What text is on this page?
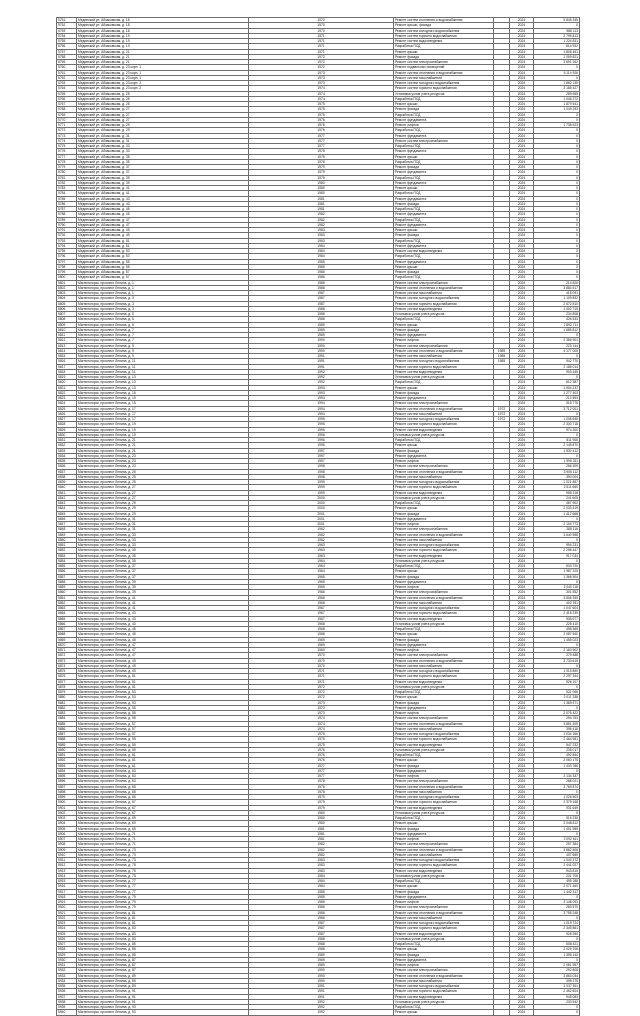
5751	Мединский ул. Абзаковская, д. 18	1970	Ремонт систем отопления и водоснабжения		2024	5 845 345
5752	Мединский ул. Абзаковская, д. 18	1970	Ремонт крыши, фасада		2024	0
5753	Мединский ул. Абзаковская, д. 18	1970	Ремонт систем холодного водоснабжения		2024	988 113
5754	Мединский ул. Абзаковская, д. 19	1971	Ремонт систем горячего водоснабжения		2024	2 795 813
5755	Мединский ул. Абзаковская, д. 19	1971	Ремонт систем водоотведения		2024	1 224 831
5756	Мединский ул. Абзаковская, д. 19	1971	Разработка ПСД		2024	814 932
5757	Мединский ул. Абзаковская, д. 21	1971	Ремонт крыши		2024	1 805 461
5758	Мединский ул. Абзаковская, д. 21	1972	Ремонт фасада		2024	1 059 821
5759	Мединский ул. Абзаковская, д. 21	1972	Ремонт систем электроснабжения		2024	3 691 162
5760	Мединский ул. Абзаковская, д. 23 корп. 1	1972	Ремонт подвальных помещений		2024	0
5761	Мединский ул. Абзаковская, д. 23 корп. 1	1973	Ремонт систем отопления и водоснабжения		2024	5 114 926
5762	Мединский ул. Абзаковская, д. 23 корп. 1	1973	Ремонт систем газоснабжения		2024	0
5763	Мединский ул. Абзаковская, д. 23 корп. 2	1973	Ремонт систем холодного водоснабжения		2024	1 862 139
5764	Мединский ул. Абзаковская, д. 23 корп. 2	1974	Ремонт систем горячего водоснабжения		2024	3 185 427
5765	Мединский ул. Абзаковская, д. 25	1974	Установка узлов учета ресурсов		2024	289 655
5766	Мединский ул. Абзаковская, д. 25	1974	Разработка ПСД		2024	1 046 272
5767	Мединский ул. Абзаковская, д. 25	1975	Ремонт крыши		2024	1 879 541
5768	Мединский ул. Абзаковская, д. 27	1975	Ремонт фасада		2024	1 049 253
5769	Мединский ул. Абзаковская, д. 27	1975	Разработка ПСД		2024	0
5770	Мединский ул. Абзаковская, д. 27	1976	Ремонт фундамента		2024	0
5771	Мединский ул. Абзаковская, д. 29	1976	Ремонт лифтов		2024	1 738 523
5772	Мединский ул. Абзаковская, д. 29	1976	Разработка ПСД		2024	0
5773	Мединский ул. Абзаковская, д. 31	1977	Ремонт фундамента		2024	0
5774	Мединский ул. Абзаковская, д. 31	1977	Ремонт систем электроснабжения		2024	0
5775	Мединский ул. Абзаковская, д. 33	1977	Разработка ПСД		2024	0
5776	Мединский ул. Абзаковская, д. 33	1978	Ремонт фундамента		2024	0
5777	Мединский ул. Абзаковская, д. 35	1978	Ремонт крыши		2024	0
5778	Мединский ул. Абзаковская, д. 35	1978	Разработка ПСД		2024	0
5779	Мединский ул. Абзаковская, д. 37	1979	Ремонт фасада		2024	0
5780	Мединский ул. Абзаковская, д. 37	1979	Ремонт фундамента		2024	0
5781	Мединский ул. Абзаковская, д. 39	1979	Разработка ПСД		2024	0
5782	Мединский ул. Абзаковская, д. 39	1980	Ремонт фундамента		2024	0
5783	Мединский ул. Абзаковская, д. 41	1980	Ремонт крыши		2024	0
5784	Мединский ул. Абзаковская, д. 41	1980	Разработка ПСД		2024	0
5785	Мединский ул. Абзаковская, д. 43	1981	Ремонт фундамента		2024	0
5786	Мединский ул. Абзаковская, д. 43	1981	Ремонт фасада		2024	0
5787	Мединский ул. Абзаковская, д. 45	1981	Разработка ПСД		2024	0
5788	Мединский ул. Абзаковская, д. 45	1982	Ремонт фундамента		2024	0
5789	Мединский ул. Абзаковская, д. 47	1982	Разработка ПСД		2024	0
5790	Мединский ул. Абзаковская, д. 47	1982	Ремонт фундамента		2024	0
5791	Мединский ул. Абзаковская, д. 49	1983	Ремонт крыши		2024	0
5792	Мединский ул. Абзаковская, д. 49	1983	Ремонт фасада		2024	0
5793	Мединский ул. Абзаковская, д. 51	1983	Разработка ПСД		2024	0
5794	Мединский ул. Абзаковская, д. 51	1984	Ремонт фундамента		2024	0
5795	Мединский ул. Абзаковская, д. 53	1984	Ремонт систем водоотведения		2024	0
5796	Мединский ул. Абзаковская, д. 53	1984	Разработка ПСД		2024	0
5797	Мединский ул. Абзаковская, д. 55	1985	Ремонт фундамента		2024	0
5798	Мединский ул. Абзаковская, д. 55	1985	Ремонт крыши		2024	0
5799	Мединский ул. Абзаковская, д. 57	1985	Ремонт фасада		2024	0
5800	Мединский ул. Абзаковская, д. 57	1986	Разработка ПСД		2024	0
5801	Магнитогорск, проспект Ленина, д. 1	1986	Ремонт систем электроснабжения		2024	214 826
5802	Магнитогорск, проспект Ленина, д. 1	1986	Ремонт систем отопления и водоснабжения		2024	3 884 517
5803	Магнитогорск, проспект Ленина, д. 1	1987	Ремонт систем газоснабжения		2024	415 091
5804	Магнитогорск, проспект Ленина, д. 3	1987	Ремонт систем холодного водоснабжения		2024	1 109 832
5805	Магнитогорск, проспект Ленина, д. 3	1987	Ремонт систем горячего водоснабжения		2024	2 672 810
5806	Магнитогорск, проспект Ленина, д. 3	1988	Ремонт систем водоотведения		2024	1 002 715
5807	Магнитогорск, проспект Ленина, д. 5	1988	Установка узлов учета ресурсов		2024	234 808
5808	Магнитогорск, проспект Ленина, д. 5	1988	Разработка ПСД		2024	426 533
5809	Магнитогорск, проспект Ленина, д. 5	1989	Ремонт крыши		2024	2 892 711
5810	Магнитогорск, проспект Ленина, д. 7	1989	Ремонт фасада		2024	1 685 812
5811	Магнитогорск, проспект Ленина, д. 7	1989	Ремонт фундамента		2024	0
5812	Магнитогорск, проспект Ленина, д. 7	1990	Ремонт лифтов		2024	2 386 901
5813	Магнитогорск, проспект Ленина, д. 9	1990	Ремонт систем электроснабжения		2024	223 144
5814	Магнитогорск, проспект Ленина, д. 9	1990	Ремонт систем отопления и водоснабжения	1985	2024	4 177 005
5815	Магнитогорск, проспект Ленина, д. 9	1991	Ремонт систем газоснабжения	1985	2024	0
5816	Магнитогорск, проспект Ленина, д. 11	1991	Ремонт систем холодного водоснабжения	1985	2024	942 770
5817	Магнитогорск, проспект Ленина, д. 11	1991	Ремонт систем горячего водоснабжения		2024	2 185 014
5818	Магнитогорск, проспект Ленина, д. 11	1992	Ремонт систем водоотведения		2024	903 445
5819	Магнитогорск, проспект Ленина, д. 13	1992	Установка узлов учета ресурсов		2024	0
5820	Магнитогорск, проспект Ленина, д. 13	1992	Разработка ПСД		2024	612 387
5821	Магнитогорск, проспект Ленина, д. 13	1993	Ремонт крыши		2024	1 904 237
5822	Магнитогорск, проспект Ленина, д. 15	1993	Ремонт фасада		2024	1 277 403
5823	Магнитогорск, проспект Ленина, д. 15	1993	Ремонт фундамента		2024	214 593
5824	Магнитогорск, проспект Ленина, д. 15	1994	Ремонт систем электроснабжения		2024	318 776
5825	Магнитогорск, проспект Ленина, д. 17	1994	Ремонт систем отопления и водоснабжения	1972	2024	3 712 001
5826	Магнитогорск, проспект Ленина, д. 17	1994	Ремонт систем газоснабжения	1972	2024	0
5827	Магнитогорск, проспект Ленина, д. 17	1995	Ремонт систем холодного водоснабжения	1972	2024	1 008 645
5828	Магнитогорск, проспект Ленина, д. 19	1995	Ремонт систем горячего водоснабжения		2024	2 330 718
5829	Магнитогорск, проспект Ленина, д. 19	1995	Ремонт систем водоотведения		2024	974 200
5830	Магнитогорск, проспект Ленина, д. 19	1996	Установка узлов учета ресурсов		2024	0
5831	Магнитогорск, проспект Ленина, д. 21	1996	Разработка ПСД		2024	511 906
5832	Магнитогорск, проспект Ленина, д. 21	1996	Ремонт крыши		2024	2 145 870
5833	Магнитогорск, проспект Ленина, д. 21	1997	Ремонт фасада		2024	1 530 412
5834	Магнитогорск, проспект Ленина, д. 23	1997	Ремонт фундамента		2024	0
5835	Магнитогорск, проспект Ленина, д. 23	1997	Ремонт лифтов		2024	1 995 311
5836	Магнитогорск, проспект Ленина, д. 23	1998	Ремонт систем электроснабжения		2024	266 309
5837	Магнитогорск, проспект Ленина, д. 25	1998	Ремонт систем отопления и водоснабжения		2024	3 905 112
5838	Магнитогорск, проспект Ленина, д. 25	1998	Ремонт систем газоснабжения		2024	390 004
5839	Магнитогорск, проспект Ленина, д. 25	1999	Ремонт систем холодного водоснабжения		2024	1 021 857
5840	Магнитогорск, проспект Ленина, д. 27	1999	Ремонт систем горячего водоснабжения		2024	2 511 660
5841	Магнитогорск, проспект Ленина, д. 27	1999	Ремонт систем водоотведения		2024	955 318
5842	Магнитогорск, проспект Ленина, д. 27	2000	Установка узлов учета ресурсов		2024	241 605
5843	Магнитогорск, проспект Ленина, д. 29	2000	Разработка ПСД		2024	487 902
5844	Магнитогорск, проспект Ленина, д. 29	2000	Ремонт крыши		2024	2 033 419
5845	Магнитогорск, проспект Ленина, д. 29	2001	Ремонт фасада		2024	1 412 668
5846	Магнитогорск, проспект Ленина, д. 31	2001	Ремонт фундамента		2024	0
5847	Магнитогорск, проспект Ленина, д. 31	2001	Ремонт лифтов		2024	2 104 773
5848	Магнитогорск, проспект Ленина, д. 31	1962	Ремонт систем электроснабжения		2024	285 116
5849	Магнитогорск, проспект Ленина, д. 33	1962	Ремонт систем отопления и водоснабжения		2024	3 640 958
5850	Магнитогорск, проспект Ленина, д. 33	1962	Ремонт систем газоснабжения		2024	0
5851	Магнитогорск, проспект Ленина, д. 33	1963	Ремонт систем холодного водоснабжения		2024	994 231
5852	Магнитогорск, проспект Ленина, д. 35	1963	Ремонт систем горячего водоснабжения		2024	2 256 447
5853	Магнитогорск, проспект Ленина, д. 35	1963	Ремонт систем водоотведения		2024	917 034
5854	Магнитогорск, проспект Ленина, д. 35	1964	Установка узлов учета ресурсов		2024	0
5855	Магнитогорск, проспект Ленина, д. 37	1964	Разработка ПСД		2024	533 720
5856	Магнитогорск, проспект Ленина, д. 37	1964	Ремонт крыши		2024	1 987 225
5857	Магнитогорск, проспект Ленина, д. 37	1965	Ремонт фасада		2024	1 366 904
5858	Магнитогорск, проспект Ленина, д. 39	1965	Ремонт фундамента		2024	0
5859	Магнитогорск, проспект Ленина, д. 39	1965	Ремонт лифтов		2024	2 040 118
5860	Магнитогорск, проспект Ленина, д. 39	1966	Ремонт систем электроснабжения		2024	301 552
5861	Магнитогорск, проспект Ленина, д. 41	1966	Ремонт систем отопления и водоснабжения		2024	3 806 390
5862	Магнитогорск, проспект Ленина, д. 41	1966	Ремонт систем газоснабжения		2024	402 781
5863	Магнитогорск, проспект Ленина, д. 41	1967	Ремонт систем холодного водоснабжения		2024	1 047 604
5864	Магнитогорск, проспект Ленина, д. 43	1967	Ремонт систем горячего водоснабжения		2024	2 418 239
5865	Магнитогорск, проспект Ленина, д. 43	1967	Ремонт систем водоотведения		2024	938 677
5866	Магнитогорск, проспект Ленина, д. 43	1968	Установка узлов учета ресурсов		2024	228 410
5867	Магнитогорск, проспект Ленина, д. 45	1968	Разработка ПСД		2024	498 365
5868	Магнитогорск, проспект Ленина, д. 45	1968	Ремонт крыши		2024	2 087 540
5869	Магнитогорск, проспект Ленина, д. 45	1969	Ремонт фасада		2024	1 455 023
5870	Магнитогорск, проспект Ленина, д. 47	1969	Ремонт фундамента		2024	0
5871	Магнитогорск, проспект Ленина, д. 47	1969	Ремонт лифтов		2024	2 163 902
5872	Магнитогорск, проспект Ленина, д. 47	1970	Ремонт систем электроснабжения		2024	279 488
5873	Магнитогорск, проспект Ленина, д. 49	1970	Ремонт систем отопления и водоснабжения		2024	3 733 615
5874	Магнитогорск, проспект Ленина, д. 49	1970	Ремонт систем газоснабжения		2024	0
5875	Магнитогорск, проспект Ленина, д. 49	1971	Ремонт систем холодного водоснабжения		2024	1 015 890
5876	Магнитогорск, проспект Ленина, д. 51	1971	Ремонт систем горячего водоснабжения		2024	2 297 344
5877	Магнитогорск, проспект Ленина, д. 51	1971	Ремонт систем водоотведения		2024	926 107
5878	Магнитогорск, проспект Ленина, д. 51	1972	Установка узлов учета ресурсов		2024	0
5879	Магнитогорск, проспект Ленина, д. 53	1972	Разработка ПСД		2024	521 066
5880	Магнитогорск, проспект Ленина, д. 53	1972	Ремонт крыши		2024	2 011 338
5881	Магнитогорск, проспект Ленина, д. 53	1973	Ремонт фасада		2024	1 389 571
5882	Магнитогорск, проспект Ленина, д. 55	1973	Ремонт фундамента		2024	0
5883	Магнитогорск, проспект Ленина, д. 55	1973	Ремонт лифтов		2024	2 076 422
5884	Магнитогорск, проспект Ленина, д. 55	1974	Ремонт систем электроснабжения		2024	294 753
5885	Магнитогорск, проспект Ленина, д. 57	1974	Ремонт систем отопления и водоснабжения		2024	3 851 209
5886	Магнитогорск, проспект Ленина, д. 57	1974	Ремонт систем газоснабжения		2024	396 418
5887	Магнитогорск, проспект Ленина, д. 57	1975	Ремонт систем холодного водоснабжения		2024	1 034 166
5888	Магнитогорск, проспект Ленина, д. 59	1975	Ремонт систем горячего водоснабжения		2024	2 464 981
5889	Магнитогорск, проспект Ленина, д. 59	1975	Ремонт систем водоотведения		2024	947 232
5890	Магнитогорск, проспект Ленина, д. 59	1976	Установка узлов учета ресурсов		2024	235 017
5891	Магнитогорск, проспект Ленина, д. 61	1976	Разработка ПСД		2024	492 844
5892	Магнитогорск, проспект Ленина, д. 61	1976	Ремонт крыши		2024	2 060 175
5893	Магнитогорск, проспект Ленина, д. 61	1977	Ремонт фасада		2024	1 433 786
5894	Магнитогорск, проспект Ленина, д. 63	1977	Ремонт фундамента		2024	0
5895	Магнитогорск, проспект Ленина, д. 63	1977	Ремонт лифтов		2024	2 134 337
5896	Магнитогорск, проспект Ленина, д. 63	1978	Ремонт систем электроснабжения		2024	288 021
5897	Магнитогорск, проспект Ленина, д. 65	1978	Ремонт систем отопления и водоснабжения		2024	3 769 874
5898	Магнитогорск, проспект Ленина, д. 65	1978	Ремонт систем газоснабжения		2024	0
5899	Магнитогорск, проспект Ленина, д. 65	1979	Ремонт систем холодного водоснабжения		2024	1 026 503
5900	Магнитогорск, проспект Ленина, д. 67	1979	Ремонт систем горячего водоснабжения		2024	2 379 168
5901	Магнитогорск, проспект Ленина, д. 67	1979	Ремонт систем водоотведения		2024	931 649
5902	Магнитогорск, проспект Ленина, д. 67	1980	Установка узлов учета ресурсов		2024	0
5903	Магнитогорск, проспект Ленина, д. 69	1980	Разработка ПСД		2024	515 230
5904	Магнитогорск, проспект Ленина, д. 69	1980	Ремонт крыши		2024	2 048 812
5905	Магнитогорск, проспект Ленина, д. 69	1981	Ремонт фасада		2024	1 401 955
5906	Магнитогорск, проспект Ленина, д. 71	1981	Ремонт фундамента		2024	0
5907	Магнитогорск, проспект Ленина, д. 71	1981	Ремонт лифтов		2024	2 092 611
5908	Магнитогорск, проспект Ленина, д. 71	1982	Ремонт систем электроснабжения		2024	297 384
5909	Магнитогорск, проспект Ленина, д. 73	1982	Ремонт систем отопления и водоснабжения		2024	3 882 506
5910	Магнитогорск, проспект Ленина, д. 73	1982	Ремонт систем газоснабжения		2024	407 659
5911	Магнитогорск, проспект Ленина, д. 73	1983	Ремонт систем холодного водоснабжения		2024	1 040 372
5912	Магнитогорск, проспект Ленина, д. 75	1983	Ремонт систем горячего водоснабжения		2024	2 441 027
5913	Магнитогорск, проспект Ленина, д. 75	1983	Ремонт систем водоотведения		2024	943 815
5914	Магнитогорск, проспект Ленина, д. 75	1984	Установка узлов учета ресурсов		2024	231 706
5915	Магнитогорск, проспект Ленина, д. 77	1984	Разработка ПСД		2024	495 188
5916	Магнитогорск, проспект Ленина, д. 77	1984	Ремонт крыши		2024	2 071 460
5917	Магнитогорск, проспект Ленина, д. 77	1985	Ремонт фасада		2024	1 442 317
5918	Магнитогорск, проспект Ленина, д. 79	1985	Ремонт фундамента		2024	0
5919	Магнитогорск, проспект Ленина, д. 79	1985	Ремонт лифтов		2024	2 148 093
5920	Магнитогорск, проспект Ленина, д. 79	1986	Ремонт систем электроснабжения		2024	283 570
5921	Магнитогорск, проспект Ленина, д. 81	1986	Ремонт систем отопления и водоснабжения		2024	3 755 248
5922	Магнитогорск, проспект Ленина, д. 81	1986	Ремонт систем газоснабжения		2024	0
5923	Магнитогорск, проспект Ленина, д. 81	1987	Ремонт систем холодного водоснабжения		2024	1 019 724
5924	Магнитогорск, проспект Ленина, д. 83	1987	Ремонт систем горячего водоснабжения		2024	2 345 861
5925	Магнитогорск, проспект Ленина, д. 83	1987	Ремонт систем водоотведения		2024	928 390
5926	Магнитогорск, проспект Ленина, д. 83	1988	Установка узлов учета ресурсов		2024	0
5927	Магнитогорск, проспект Ленина, д. 85	1988	Разработка ПСД		2024	508 421
5928	Магнитогорск, проспект Ленина, д. 85	1988	Ремонт крыши		2024	2 029 706
5929	Магнитогорск, проспект Ленина, д. 85	1989	Ремонт фасада		2024	1 395 140
5930	Магнитогорск, проспект Ленина, д. 87	1989	Ремонт фундамента		2024	0
5931	Магнитогорск, проспект Ленина, д. 87	1989	Ремонт лифтов		2024	2 081 957
5932	Магнитогорск, проспект Ленина, д. 87	1990	Ремонт систем электроснабжения		2024	292 808
5933	Магнитогорск, проспект Ленина, д. 89	1990	Ремонт систем отопления и водоснабжения		2024	3 863 034
5934	Магнитогорск, проспект Ленина, д. 89	1990	Ремонт систем газоснабжения		2024	399 275
5935	Магнитогорск, проспект Ленина, д. 89	1991	Ремонт систем холодного водоснабжения		2024	1 037 511
5936	Магнитогорск, проспект Ленина, д. 91	1991	Ремонт систем горячего водоснабжения		2024	2 452 604
5937	Магнитогорск, проспект Ленина, д. 91	1991	Ремонт систем водоотведения		2024	945 083
5938	Магнитогорск, проспект Ленина, д. 91	1992	Установка узлов учета ресурсов		2024	233 942
5939	Магнитогорск, проспект Ленина, д. 93	1992	Разработка ПСД		2024	0
5940	Магнитогорск, проспект Ленина, д. 93	1992	Ремонт крыши		2024	0
